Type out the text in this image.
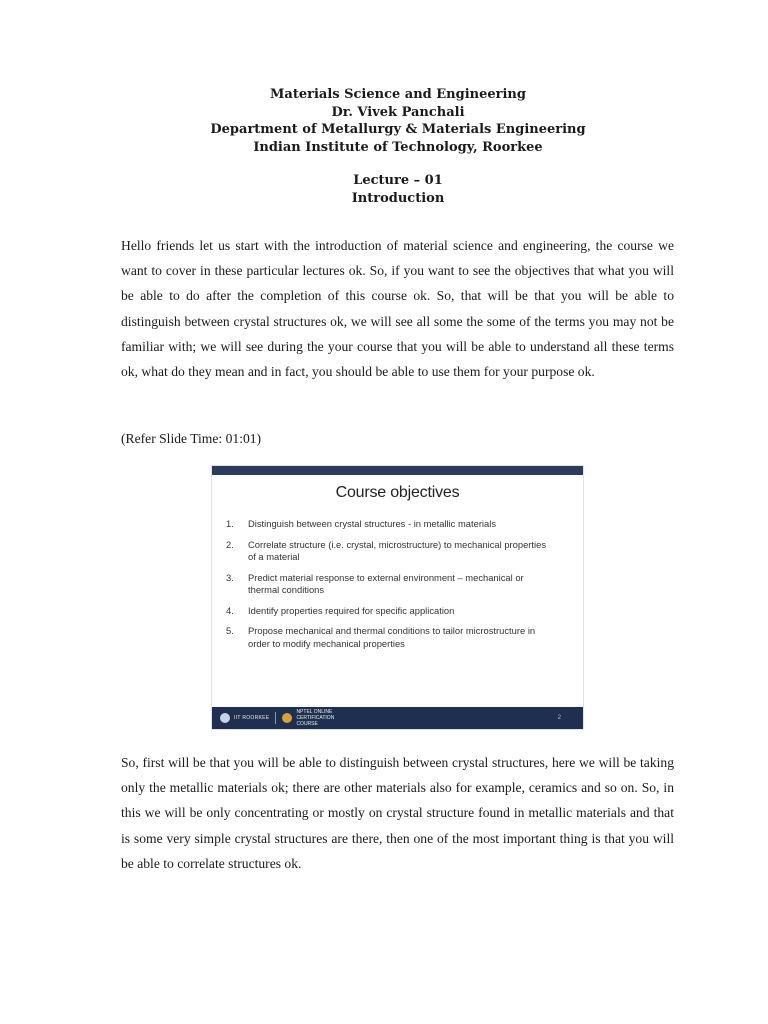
Materials Science and Engineering
Dr. Vivek Panchali
Department of Metallurgy & Materials Engineering
Indian Institute of Technology, Roorkee
Lecture – 01
Introduction

Hello friends let us start with the introduction of material science and engineering, the course we want to cover in these particular lectures ok. So, if you want to see the objectives that what you will be able to do after the completion of this course ok. So, that will be that you will be able to distinguish between crystal structures ok, we will see all some the some of the terms you may not be familiar with; we will see during the your course that you will be able to understand all these terms ok, what do they mean and in fact, you should be able to use them for your purpose ok.

(Refer Slide Time: 01:01)

Course objectives
1.	Distinguish between crystal structures - in metallic materials
2.	Correlate structure (i.e. crystal, microstructure) to mechanical properties of a material
3.	Predict material response to external environment – mechanical or thermal conditions
4.	Identify properties required for specific application
5.	Propose mechanical and thermal conditions to tailor microstructure in order to modify mechanical properties
IIT ROORKEE
NPTEL ONLINE
CERTIFICATION COURSE
2

So, first will be that you will be able to distinguish between crystal structures, here we will be taking only the metallic materials ok; there are other materials also for example, ceramics and so on. So, in this we will be only concentrating or mostly on crystal structure found in metallic materials and that is some very simple crystal structures are there, then one of the most important thing is that you will be able to correlate structures ok.
